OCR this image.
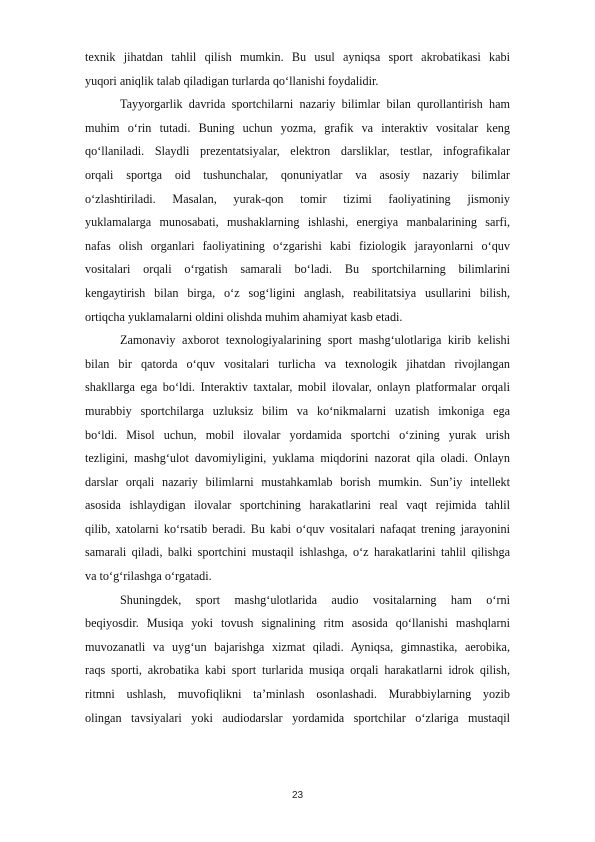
texnik jihatdan tahlil qilish mumkin. Bu usul ayniqsa sport akrobatikasi kabi
yuqori aniqlik talab qiladigan turlarda qo‘llanishi foydalidir.
Tayyorgarlik davrida sportchilarni nazariy bilimlar bilan qurollantirish ham
muhim o‘rin tutadi. Buning uchun yozma, grafik va interaktiv vositalar keng
qo‘llaniladi. Slaydli prezentatsiyalar, elektron darsliklar, testlar, infografikalar
orqali sportga oid tushunchalar, qonuniyatlar va asosiy nazariy bilimlar
o‘zlashtiriladi. Masalan, yurak-qon tomir tizimi faoliyatining jismoniy
yuklamalarga munosabati, mushaklarning ishlashi, energiya manbalarining sarfi,
nafas olish organlari faoliyatining o‘zgarishi kabi fiziologik jarayonlarni o‘quv
vositalari orqali o‘rgatish samarali bo‘ladi. Bu sportchilarning bilimlarini
kengaytirish bilan birga, o‘z sog‘ligini anglash, reabilitatsiya usullarini bilish,
ortiqcha yuklamalarni oldini olishda muhim ahamiyat kasb etadi.
Zamonaviy axborot texnologiyalarining sport mashg‘ulotlariga kirib kelishi
bilan bir qatorda o‘quv vositalari turlicha va texnologik jihatdan rivojlangan
shakllarga ega bo‘ldi. Interaktiv taxtalar, mobil ilovalar, onlayn platformalar orqali
murabbiy sportchilarga uzluksiz bilim va ko‘nikmalarni uzatish imkoniga ega
bo‘ldi. Misol uchun, mobil ilovalar yordamida sportchi o‘zining yurak urish
tezligini, mashg‘ulot davomiyligini, yuklama miqdorini nazorat qila oladi. Onlayn
darslar orqali nazariy bilimlarni mustahkamlab borish mumkin. Sun’iy intellekt
asosida ishlaydigan ilovalar sportchining harakatlarini real vaqt rejimida tahlil
qilib, xatolarni ko‘rsatib beradi. Bu kabi o‘quv vositalari nafaqat trening jarayonini
samarali qiladi, balki sportchini mustaqil ishlashga, o‘z harakatlarini tahlil qilishga
va to‘g‘rilashga o‘rgatadi.
Shuningdek, sport mashg‘ulotlarida audio vositalarning ham o‘rni
beqiyosdir. Musiqa yoki tovush signalining ritm asosida qo‘llanishi mashqlarni
muvozanatli va uyg‘un bajarishga xizmat qiladi. Ayniqsa, gimnastika, aerobika,
raqs sporti, akrobatika kabi sport turlarida musiqa orqali harakatlarni idrok qilish,
ritmni ushlash, muvofiqlikni ta’minlash osonlashadi. Murabbiylarning yozib
olingan tavsiyalari yoki audiodarslar yordamida sportchilar o‘zlariga mustaqil
23
